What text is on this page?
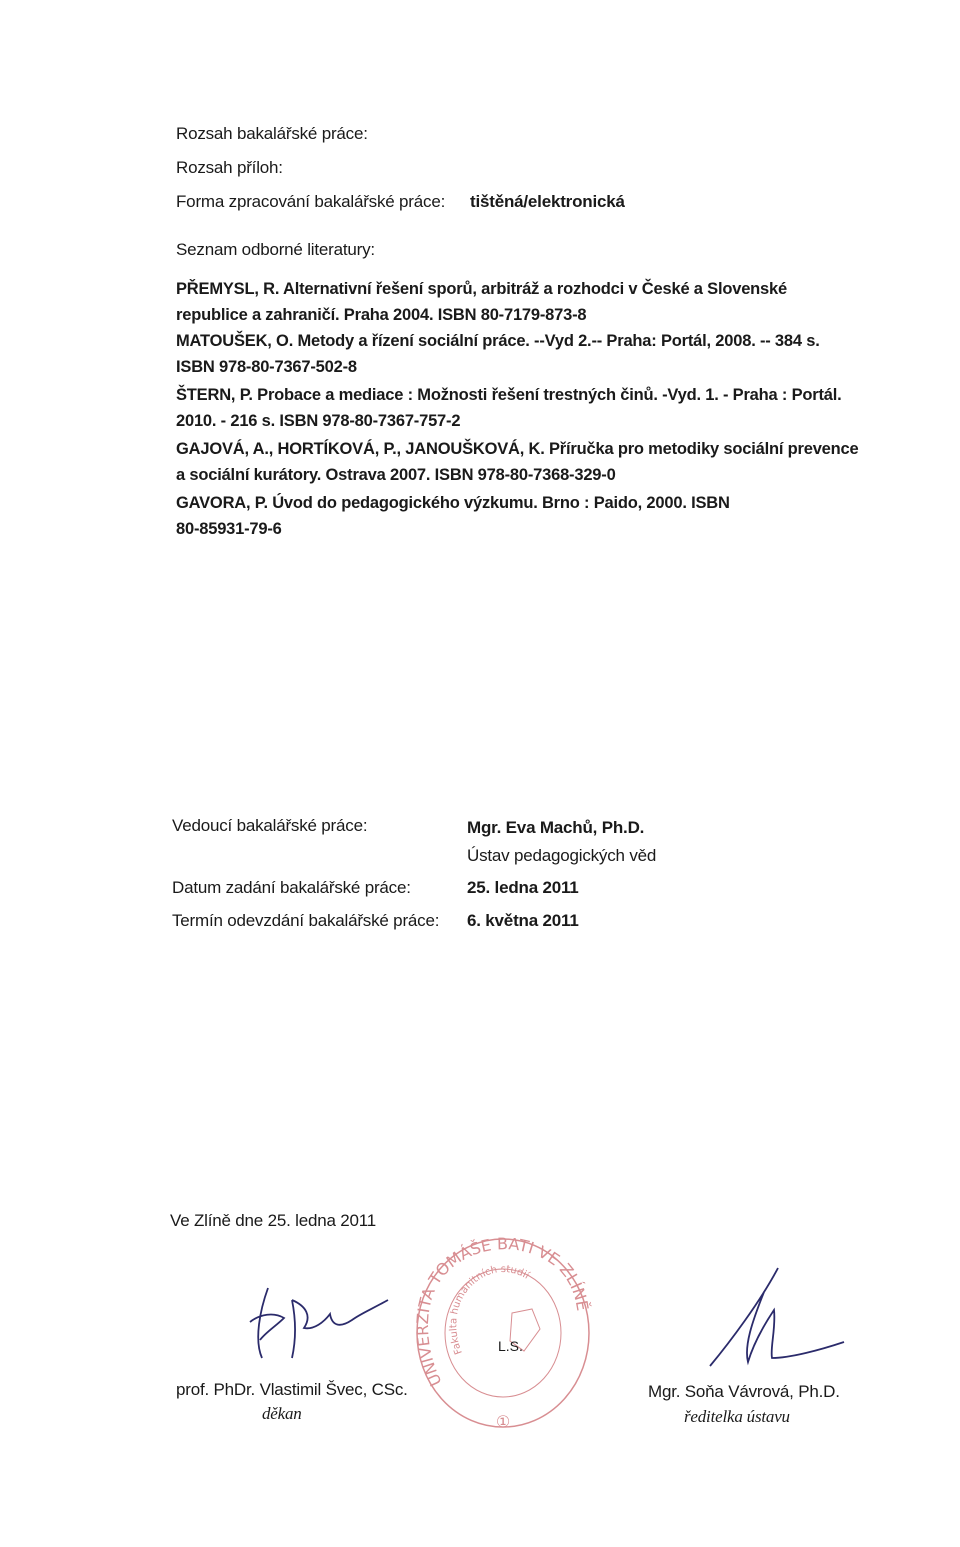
Rozsah bakalářské práce:
Rozsah příloh:
Forma zpracování bakalářské práce: tištěná/elektronická
Seznam odborné literatury:
PŘEMYSL, R. Alternativní řešení sporů, arbitráž a rozhodci v České a Slovenské
republice a zahraničí. Praha 2004. ISBN 80-7179-873-8
MATOUŠEK, O. Metody a řízení sociální práce. --Vyd 2.-- Praha: Portál, 2008. -- 384 s.
ISBN 978-80-7367-502-8
ŠTERN, P. Probace a mediace : Možnosti řešení trestných činů. -Vyd. 1. - Praha : Portál.
2010. - 216 s. ISBN 978-80-7367-757-2
GAJOVÁ, A., HORTÍKOVÁ, P., JANOUŠKOVÁ, K. Příručka pro metodiky sociální prevence
a sociální kurátory. Ostrava 2007. ISBN 978-80-7368-329-0
GAVORA, P. Úvod do pedagogického výzkumu. Brno : Paido, 2000. ISBN
80-85931-79-6
Vedoucí bakalářské práce:	Mgr. Eva Machů, Ph.D.
Ústav pedagogických věd
Datum zadání bakalářské práce:	25. ledna 2011
Termín odevzdání bakalářské práce: 6. května 2011
Ve Zlíně dne 25. ledna 2011
prof. PhDr. Vlastimil Švec, CSc.
děkan
UNIVERZITA TOMÁŠE BATI VE ZLÍNĚ
Fakulta humanitních studií
L.S.
①
Mgr. Soňa Vávrová, Ph.D.
ředitelka ústavu
